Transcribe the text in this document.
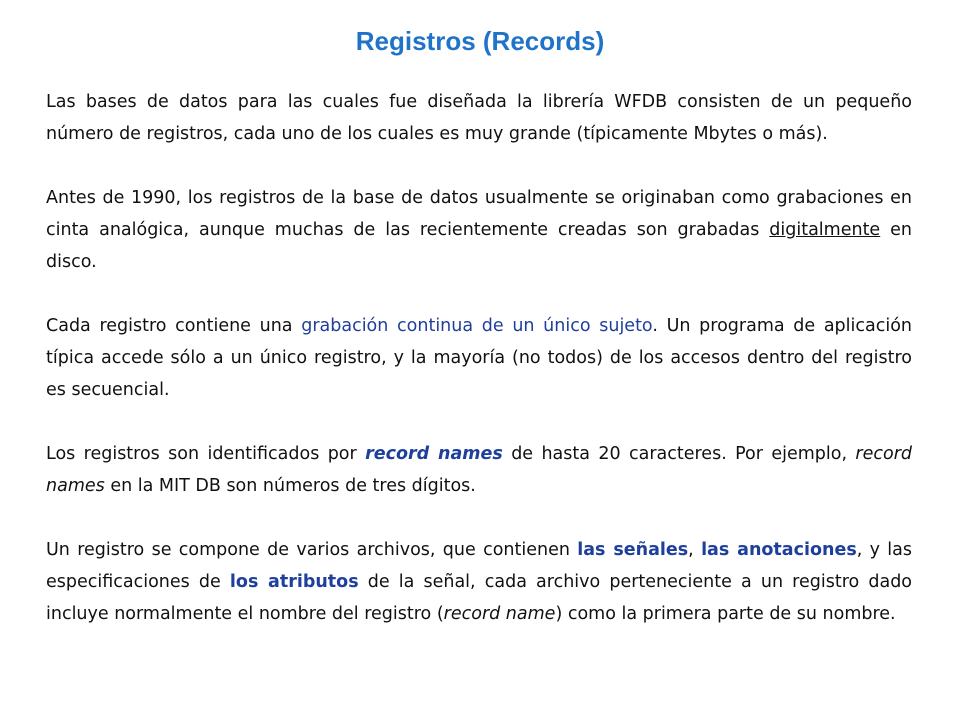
Registros (Records)

Las bases de datos para las cuales fue diseñada la librería WFDB consisten de un pequeño número de registros, cada uno de los cuales es muy grande (típicamente Mbytes o más).

Antes de 1990, los registros de la base de datos usualmente se originaban como grabaciones en cinta analógica, aunque muchas de las recientemente creadas son grabadas digitalmente en disco.

Cada registro contiene una grabación continua de un único sujeto. Un programa de aplicación típica accede sólo a un único registro, y la mayoría (no todos) de los accesos dentro del registro es secuencial.

Los registros son identificados por record names de hasta 20 caracteres. Por ejemplo, record names en la MIT DB son números de tres dígitos.

Un registro se compone de varios archivos, que contienen las señales, las anotaciones, y las especificaciones de los atributos de la señal, cada archivo perteneciente a un registro dado incluye normalmente el nombre del registro (record name) como la primera parte de su nombre.
